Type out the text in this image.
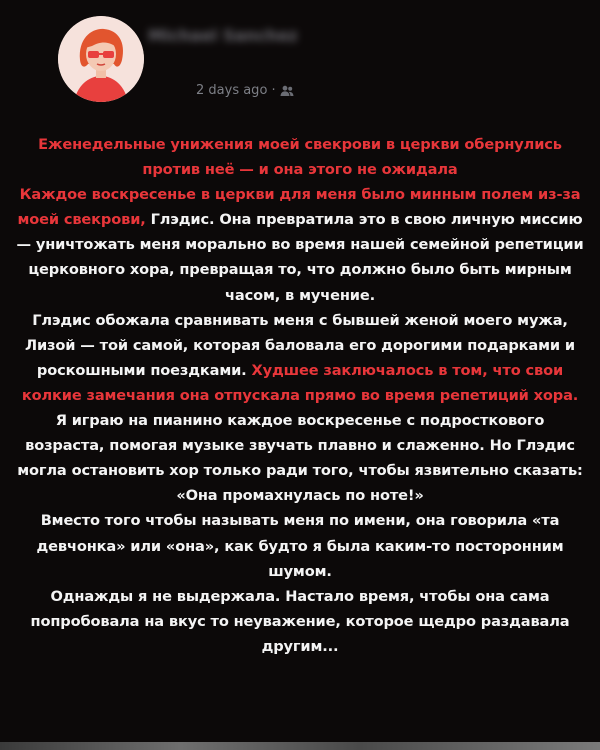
Michael Sanchez
2 days ago ·

Еженедельные унижения моей свекрови в церкви обернулись против неё — и она этого не ожидала

Каждое воскресенье в церкви для меня было минным полем из-за моей свекрови, Глэдис. Она превратила это в свою личную миссию — уничтожать меня морально во время нашей семейной репетиции церковного хора, превращая то, что должно было быть мирным часом, в мучение.

Глэдис обожала сравнивать меня с бывшей женой моего мужа, Лизой — той самой, которая баловала его дорогими подарками и роскошными поездками. Худшее заключалось в том, что свои колкие замечания она отпускала прямо во время репетиций хора.

Я играю на пианино каждое воскресенье с подросткового возраста, помогая музыке звучать плавно и слаженно. Но Глэдис могла остановить хор только ради того, чтобы язвительно сказать: «Она промахнулась по ноте!»

Вместо того чтобы называть меня по имени, она говорила «та девчонка» или «она», как будто я была каким-то посторонним шумом.

Однажды я не выдержала. Настало время, чтобы она сама попробовала на вкус то неуважение, которое щедро раздавала другим...
